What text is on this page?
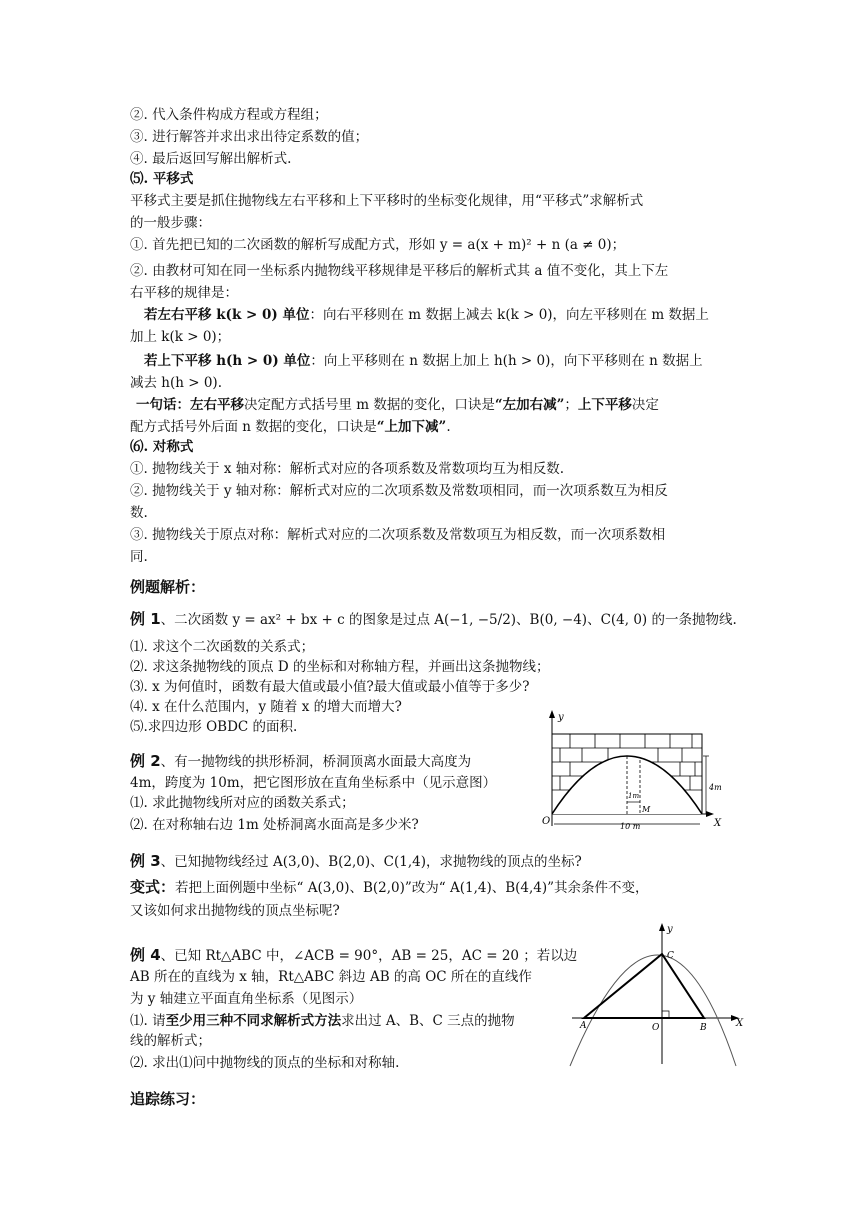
②. 代入条件构成方程或方程组；
③. 进行解答并求出求出待定系数的值；
④. 最后返回写解出解析式.
⑸. 平移式
平移式主要是抓住抛物线左右平移和上下平移时的坐标变化规律，用“平移式”求解析式
的一般步骤：
①. 首先把已知的二次函数的解析写成配方式，形如 y = a(x + m)² + n (a ≠ 0)；
②. 由教材可知在同一坐标系内抛物线平移规律是平移后的解析式其 a 值不变化，其上下左
右平移的规律是：
若左右平移 k(k > 0) 单位：向右平移则在 m 数据上减去 k(k > 0)，向左平移则在 m 数据上
加上 k(k > 0)；
若上下平移 h(h > 0) 单位：向上平移则在 n 数据上加上 h(h > 0)，向下平移则在 n 数据上
减去 h(h > 0).
一句话：左右平移决定配方式括号里 m 数据的变化，口诀是“左加右减”；上下平移决定
配方式括号外后面 n 数据的变化，口诀是“上加下减”.
⑹. 对称式
①. 抛物线关于 x 轴对称：解析式对应的各项系数及常数项均互为相反数.
②. 抛物线关于 y 轴对称：解析式对应的二次项系数及常数项相同，而一次项系数互为相反
数.
③. 抛物线关于原点对称：解析式对应的二次项系数及常数项互为相反数，而一次项系数相
同.
例题解析：
例 1、二次函数 y = ax² + bx + c 的图象是过点 A(−1, −5/2)、B(0, −4)、C(4, 0) 的一条抛物线.
⑴. 求这个二次函数的关系式；
⑵. 求这条抛物线的顶点 D 的坐标和对称轴方程，并画出这条抛物线；
⑶. x 为何值时，函数有最大值或最小值?最大值或最小值等于多少?
⑷. x 在什么范围内，y 随着 x 的增大而增大?
⑸.求四边形 OBDC 的面积.
例 2、有一抛物线的拱形桥洞，桥洞顶离水面最大高度为
4m，跨度为 10m，把它图形放在直角坐标系中（见示意图）
⑴. 求此抛物线所对应的函数关系式；
⑵. 在对称轴右边 1m 处桥洞离水面高是多少米?
y
X
O
1m
M
4m
10 m
例 3、已知抛物线经过 A(3,0)、B(2,0)、C(1,4)，求抛物线的顶点的坐标?
变式：若把上面例题中坐标“ A(3,0)、B(2,0)”改为“ A(1,4)、B(4,4)”其余条件不变，
又该如何求出抛物线的顶点坐标呢?
例 4、已知 Rt△ABC 中，∠ACB = 90°，AB = 25，AC = 20 ；若以边
AB 所在的直线为 x 轴，Rt△ABC 斜边 AB 的高 OC 所在的直线作
为 y 轴建立平面直角坐标系（见图示）
⑴. 请至少用三种不同求解析式方法求出过 A、B、C 三点的抛物
线的解析式；
⑵. 求出⑴问中抛物线的顶点的坐标和对称轴.
y
X
A	B
C
O
追踪练习：
